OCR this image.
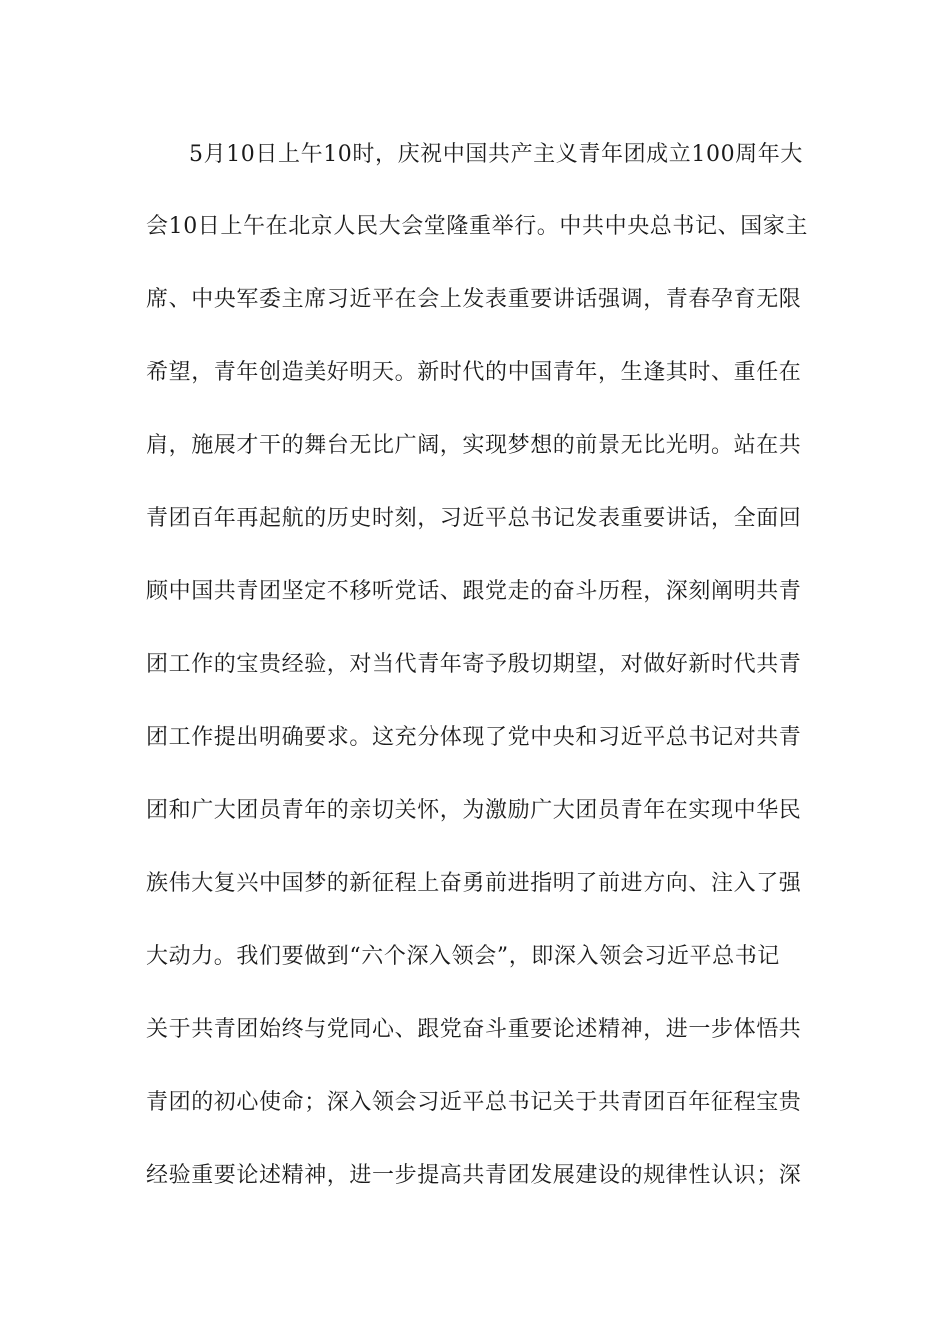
5月10日上午10时，庆祝中国共产主义青年团成立100周年大
会10日上午在北京人民大会堂隆重举行。中共中央总书记、国家主
席、中央军委主席习近平在会上发表重要讲话强调，青春孕育无限
希望，青年创造美好明天。新时代的中国青年，生逢其时、重任在
肩，施展才干的舞台无比广阔，实现梦想的前景无比光明。站在共
青团百年再起航的历史时刻，习近平总书记发表重要讲话，全面回
顾中国共青团坚定不移听党话、跟党走的奋斗历程，深刻阐明共青
团工作的宝贵经验，对当代青年寄予殷切期望，对做好新时代共青
团工作提出明确要求。这充分体现了党中央和习近平总书记对共青
团和广大团员青年的亲切关怀，为激励广大团员青年在实现中华民
族伟大复兴中国梦的新征程上奋勇前进指明了前进方向、注入了强
大动力。我们要做到“六个深入领会”，即深入领会习近平总书记
关于共青团始终与党同心、跟党奋斗重要论述精神，进一步体悟共
青团的初心使命；深入领会习近平总书记关于共青团百年征程宝贵
经验重要论述精神，进一步提高共青团发展建设的规律性认识；深
